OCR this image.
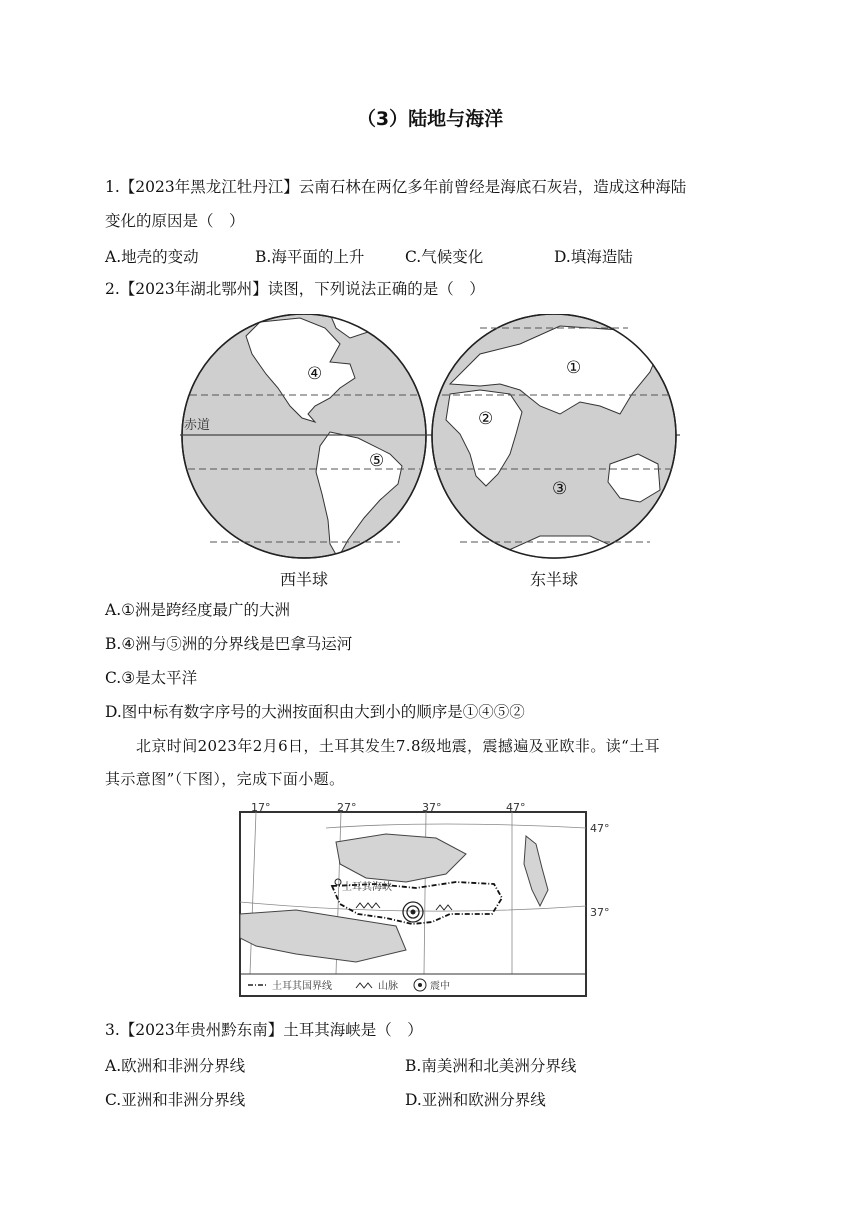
（3）陆地与海洋
1.【2023年黑龙江牡丹江】云南石林在两亿多年前曾经是海底石灰岩，造成这种海陆
变化的原因是（　）
A.地壳的变动	B.海平面的上升	C.气候变化	D.填海造陆
2.【2023年湖北鄂州】读图，下列说法正确的是（　）
赤道
④
⑤
①
②
③
西半球	东半球
A.①洲是跨经度最广的大洲
B.④洲与⑤洲的分界线是巴拿马运河
C.③是太平洋
D.图中标有数字序号的大洲按面积由大到小的顺序是①④⑤②
北京时间2023年2月6日，土耳其发生7.8级地震，震撼遍及亚欧非。读“土耳
其示意图”（下图），完成下面小题。
17°	27°	37°	47°
47°
37°
土耳其海峡
土耳其国界线	山脉	震中
3.【2023年贵州黔东南】土耳其海峡是（　）
A.欧洲和非洲分界线	B.南美洲和北美洲分界线
C.亚洲和非洲分界线	D.亚洲和欧洲分界线
